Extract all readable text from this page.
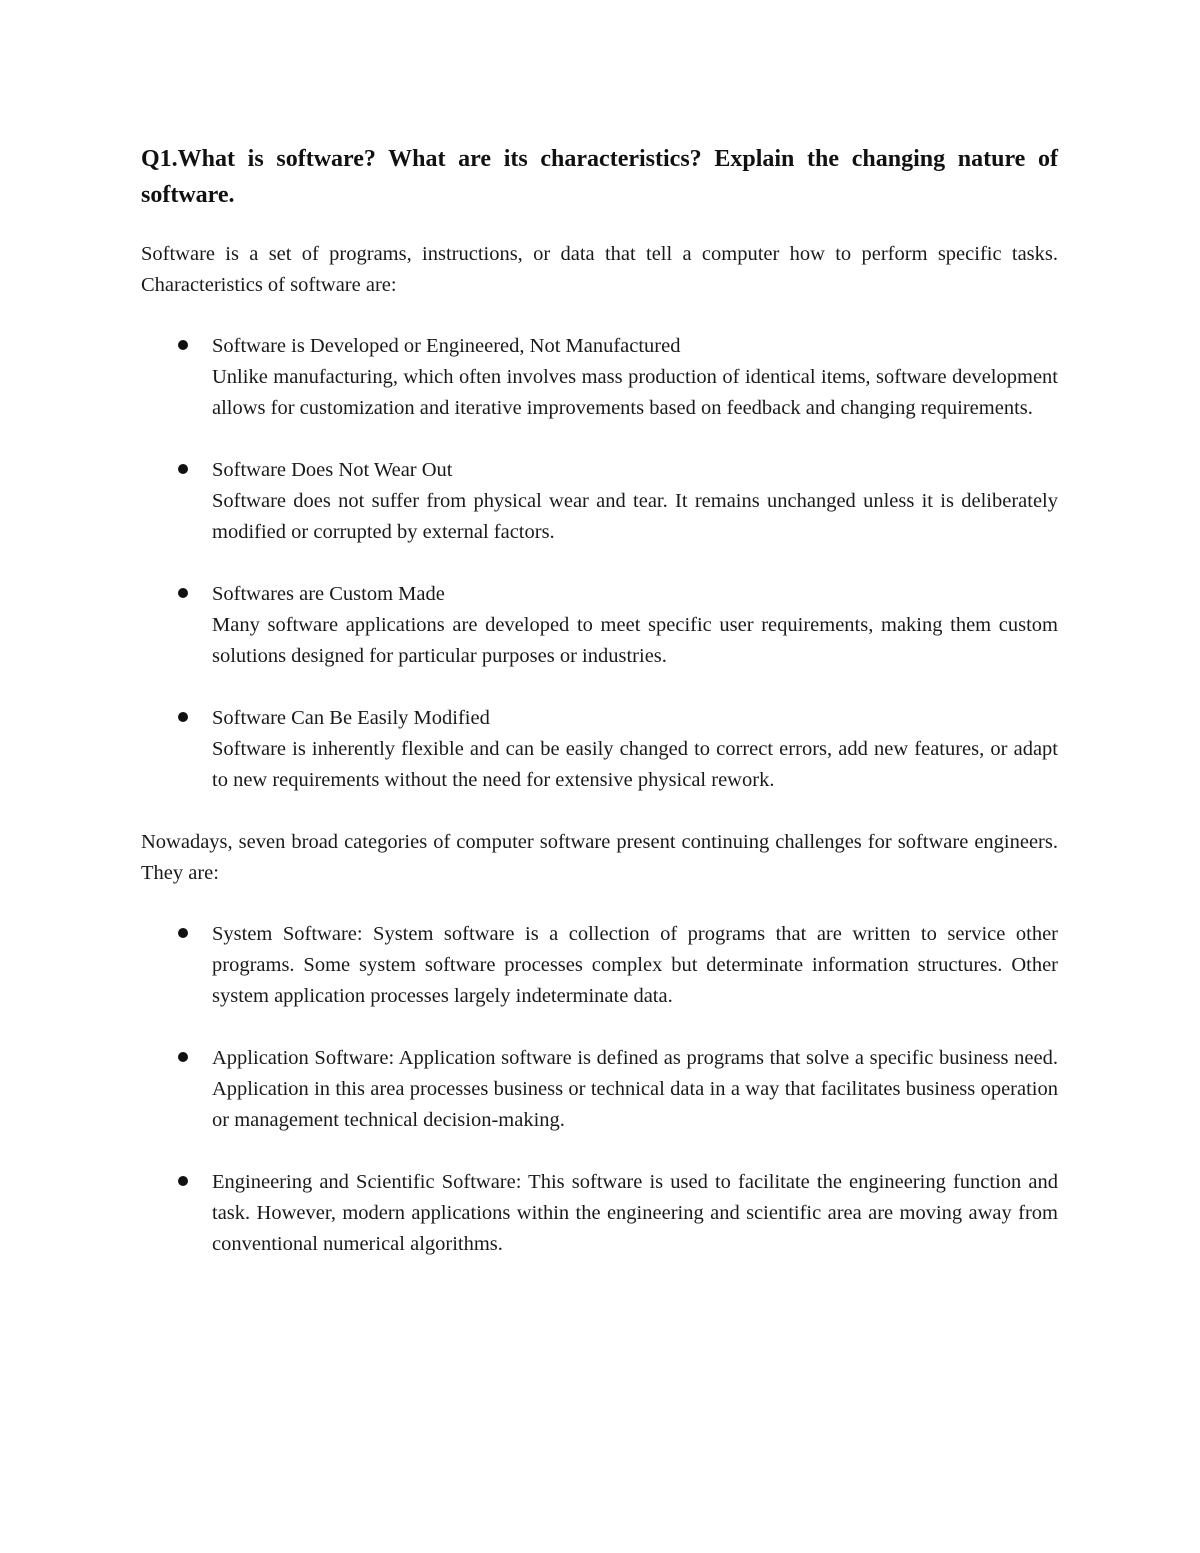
Q1.What is software? What are its characteristics? Explain the changing nature of software.

Software is a set of programs, instructions, or data that tell a computer how to perform specific tasks. Characteristics of software are:

Software is Developed or Engineered, Not Manufactured
Unlike manufacturing, which often involves mass production of identical items, software development allows for customization and iterative improvements based on feedback and changing requirements.
Software Does Not Wear Out
Software does not suffer from physical wear and tear. It remains unchanged unless it is deliberately modified or corrupted by external factors.
Softwares are Custom Made
Many software applications are developed to meet specific user requirements, making them custom solutions designed for particular purposes or industries.
Software Can Be Easily Modified
Software is inherently flexible and can be easily changed to correct errors, add new features, or adapt to new requirements without the need for extensive physical rework.

Nowadays, seven broad categories of computer software present continuing challenges for software engineers. They are:

System Software: System software is a collection of programs that are written to service other programs. Some system software processes complex but determinate information structures. Other system application processes largely indeterminate data.
Application Software: Application software is defined as programs that solve a specific business need. Application in this area processes business or technical data in a way that facilitates business operation or management technical decision-making.
Engineering and Scientific Software: This software is used to facilitate the engineering function and task. However, modern applications within the engineering and scientific area are moving away from conventional numerical algorithms.
